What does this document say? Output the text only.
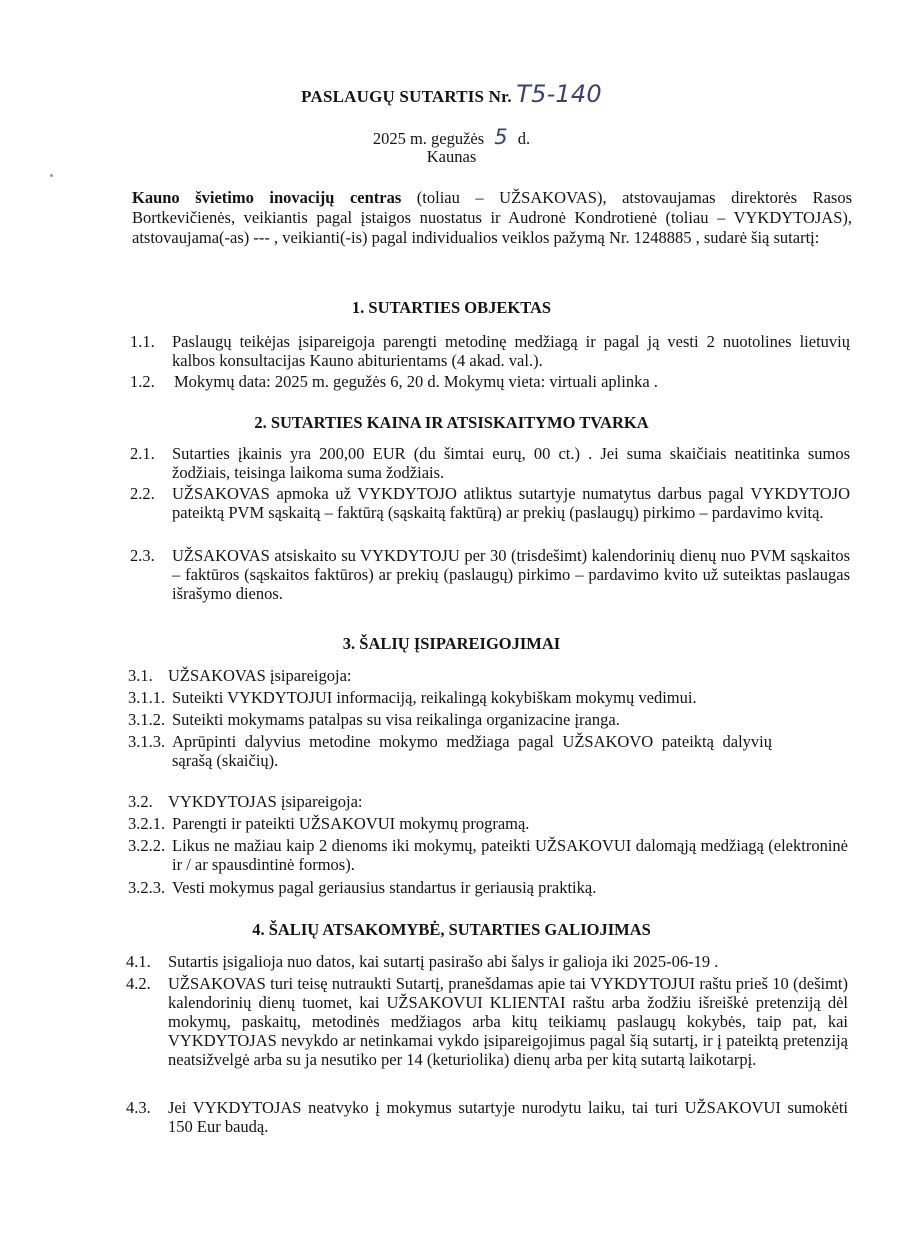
PASLAUGŲ SUTARTIS Nr. T5-140
2025 m. gegužės 5 d.
Kaunas
Kauno švietimo inovacijų centras (toliau – UŽSAKOVAS), atstovaujamas direktorės Rasos Bortkevičienės, veikiantis pagal įstaigos nuostatus ir Audronė Kondrotienė (toliau – VYKDYTOJAS), atstovaujama(-as) --- , veikianti(-is) pagal individualios veiklos pažymą Nr. 1248885 , sudarė šią sutartį:
1. SUTARTIES OBJEKTAS
1.1. Paslaugų teikėjas įsipareigoja parengti metodinę medžiagą ir pagal ją vesti 2 nuotolines lietuvių kalbos konsultacijas Kauno abiturientams (4 akad. val.).
1.2. Mokymų data: 2025 m. gegužės 6, 20 d. Mokymų vieta: virtuali aplinka .
2. SUTARTIES KAINA IR ATSISKAITYMO TVARKA
2.1. Sutarties įkainis yra 200,00 EUR (du šimtai eurų, 00 ct.) . Jei suma skaičiais neatitinka sumos žodžiais, teisinga laikoma suma žodžiais.
2.2. UŽSAKOVAS apmoka už VYKDYTOJO atliktus sutartyje numatytus darbus pagal VYKDYTOJO pateiktą PVM sąskaitą – faktūrą (sąskaitą faktūrą) ar prekių (paslaugų) pirkimo – pardavimo kvitą.
2.3. UŽSAKOVAS atsiskaito su VYKDYTOJU per 30 (trisdešimt) kalendorinių dienų nuo PVM sąskaitos – faktūros (sąskaitos faktūros) ar prekių (paslaugų) pirkimo – pardavimo kvito už suteiktas paslaugas išrašymo dienos.
3. ŠALIŲ ĮSIPAREIGOJIMAI
3.1. UŽSAKOVAS įsipareigoja:
3.1.1. Suteikti VYKDYTOJUI informaciją, reikalingą kokybiškam mokymų vedimui.
3.1.2. Suteikti mokymams patalpas su visa reikalinga organizacine įranga.
3.1.3. Aprūpinti dalyvius metodine mokymo medžiaga pagal UŽSAKOVO pateiktą dalyvių sąrašą (skaičių).
3.2. VYKDYTOJAS įsipareigoja:
3.2.1. Parengti ir pateikti UŽSAKOVUI mokymų programą.
3.2.2. Likus ne mažiau kaip 2 dienoms iki mokymų, pateikti UŽSAKOVUI dalomąją medžiagą (elektroninė ir / ar spausdintinė formos).
3.2.3. Vesti mokymus pagal geriausius standartus ir geriausią praktiką.
4. ŠALIŲ ATSAKOMYBĖ, SUTARTIES GALIOJIMAS
4.1. Sutartis įsigalioja nuo datos, kai sutartį pasirašo abi šalys ir galioja iki 2025-06-19 .
4.2. UŽSAKOVAS turi teisę nutraukti Sutartį, pranešdamas apie tai VYKDYTOJUI raštu prieš 10 (dešimt) kalendorinių dienų tuomet, kai UŽSAKOVUI KLIENTAI raštu arba žodžiu išreiškė pretenziją dėl mokymų, paskaitų, metodinės medžiagos arba kitų teikiamų paslaugų kokybės, taip pat, kai VYKDYTOJAS nevykdo ar netinkamai vykdo įsipareigojimus pagal šią sutartį, ir į pateiktą pretenziją neatsižvelgė arba su ja nesutiko per 14 (keturiolika) dienų arba per kitą sutartą laikotarpį.
4.3. Jei VYKDYTOJAS neatvyko į mokymus sutartyje nurodytu laiku, tai turi UŽSAKOVUI sumokėti 150 Eur baudą.
